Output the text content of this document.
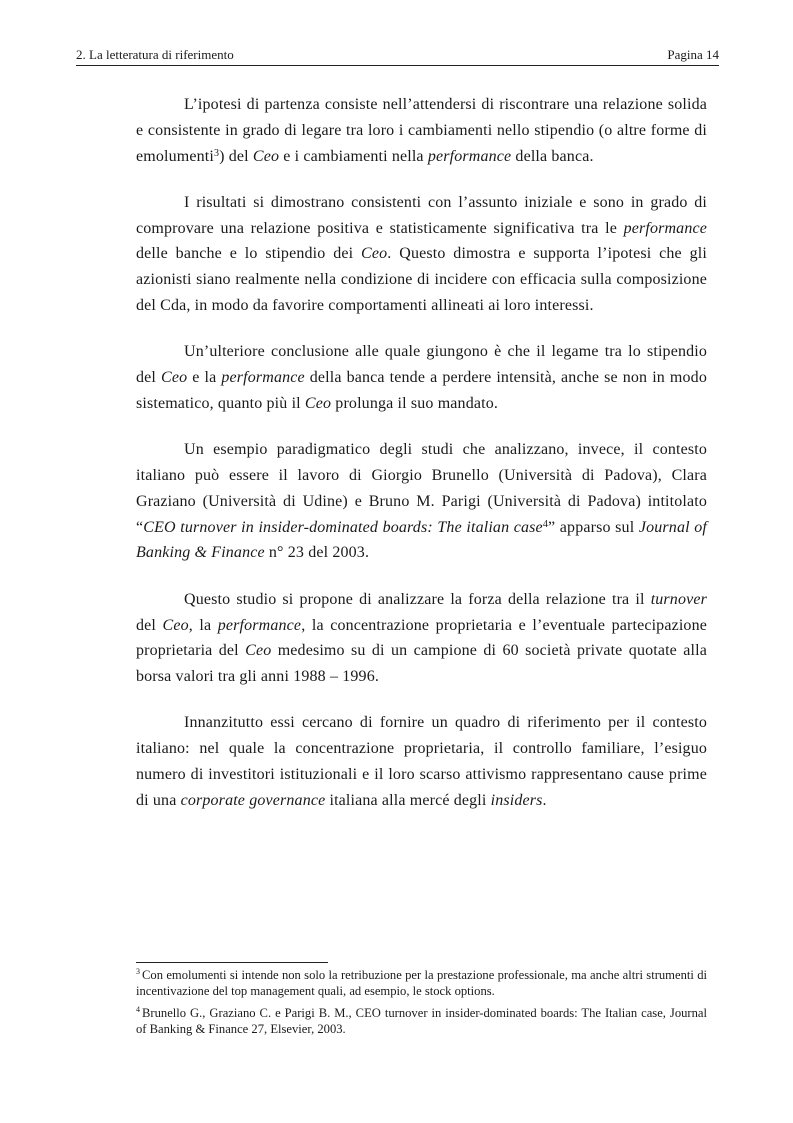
2. La letteratura di riferimento	Pagina 14

L’ipotesi di partenza consiste nell’attendersi di riscontrare una relazione solida e consistente in grado di legare tra loro i cambiamenti nello stipendio (o altre forme di emolumenti$^3$) del Ceo e i cambiamenti nella performance della banca.

I risultati si dimostrano consistenti con l’assunto iniziale e sono in grado di comprovare una relazione positiva e statisticamente significativa tra le performance delle banche e lo stipendio dei Ceo. Questo dimostra e supporta l’ipotesi che gli azionisti siano realmente nella condizione di incidere con efficacia sulla composizione del Cda, in modo da favorire comportamenti allineati ai loro interessi.

Un’ulteriore conclusione alle quale giungono è che il legame tra lo stipendio del Ceo e la performance della banca tende a perdere intensità, anche se non in modo sistematico, quanto più il Ceo prolunga il suo mandato.

Un esempio paradigmatico degli studi che analizzano, invece, il contesto italiano può essere il lavoro di Giorgio Brunello (Università di Padova), Clara Graziano (Università di Udine) e Bruno M. Parigi (Università di Padova) intitolato “CEO turnover in insider-dominated boards: The italian case$^4$” apparso sul Journal of Banking & Finance n° 23 del 2003.

Questo studio si propone di analizzare la forza della relazione tra il turnover del Ceo, la performance, la concentrazione proprietaria e l’eventuale partecipazione proprietaria del Ceo medesimo su di un campione di 60 società private quotate alla borsa valori tra gli anni 1988 – 1996.

Innanzitutto essi cercano di fornire un quadro di riferimento per il contesto italiano: nel quale la concentrazione proprietaria, il controllo familiare, l’esiguo numero di investitori istituzionali e il loro scarso attivismo rappresentano cause prime di una corporate governance italiana alla mercé degli insiders.

$^3$ Con emolumenti si intende non solo la retribuzione per la prestazione professionale, ma anche altri strumenti di incentivazione del top management quali, ad esempio, le stock options.

$^4$ Brunello G., Graziano C. e Parigi B. M., CEO turnover in insider-dominated boards: The Italian case, Journal of Banking & Finance 27, Elsevier, 2003.
